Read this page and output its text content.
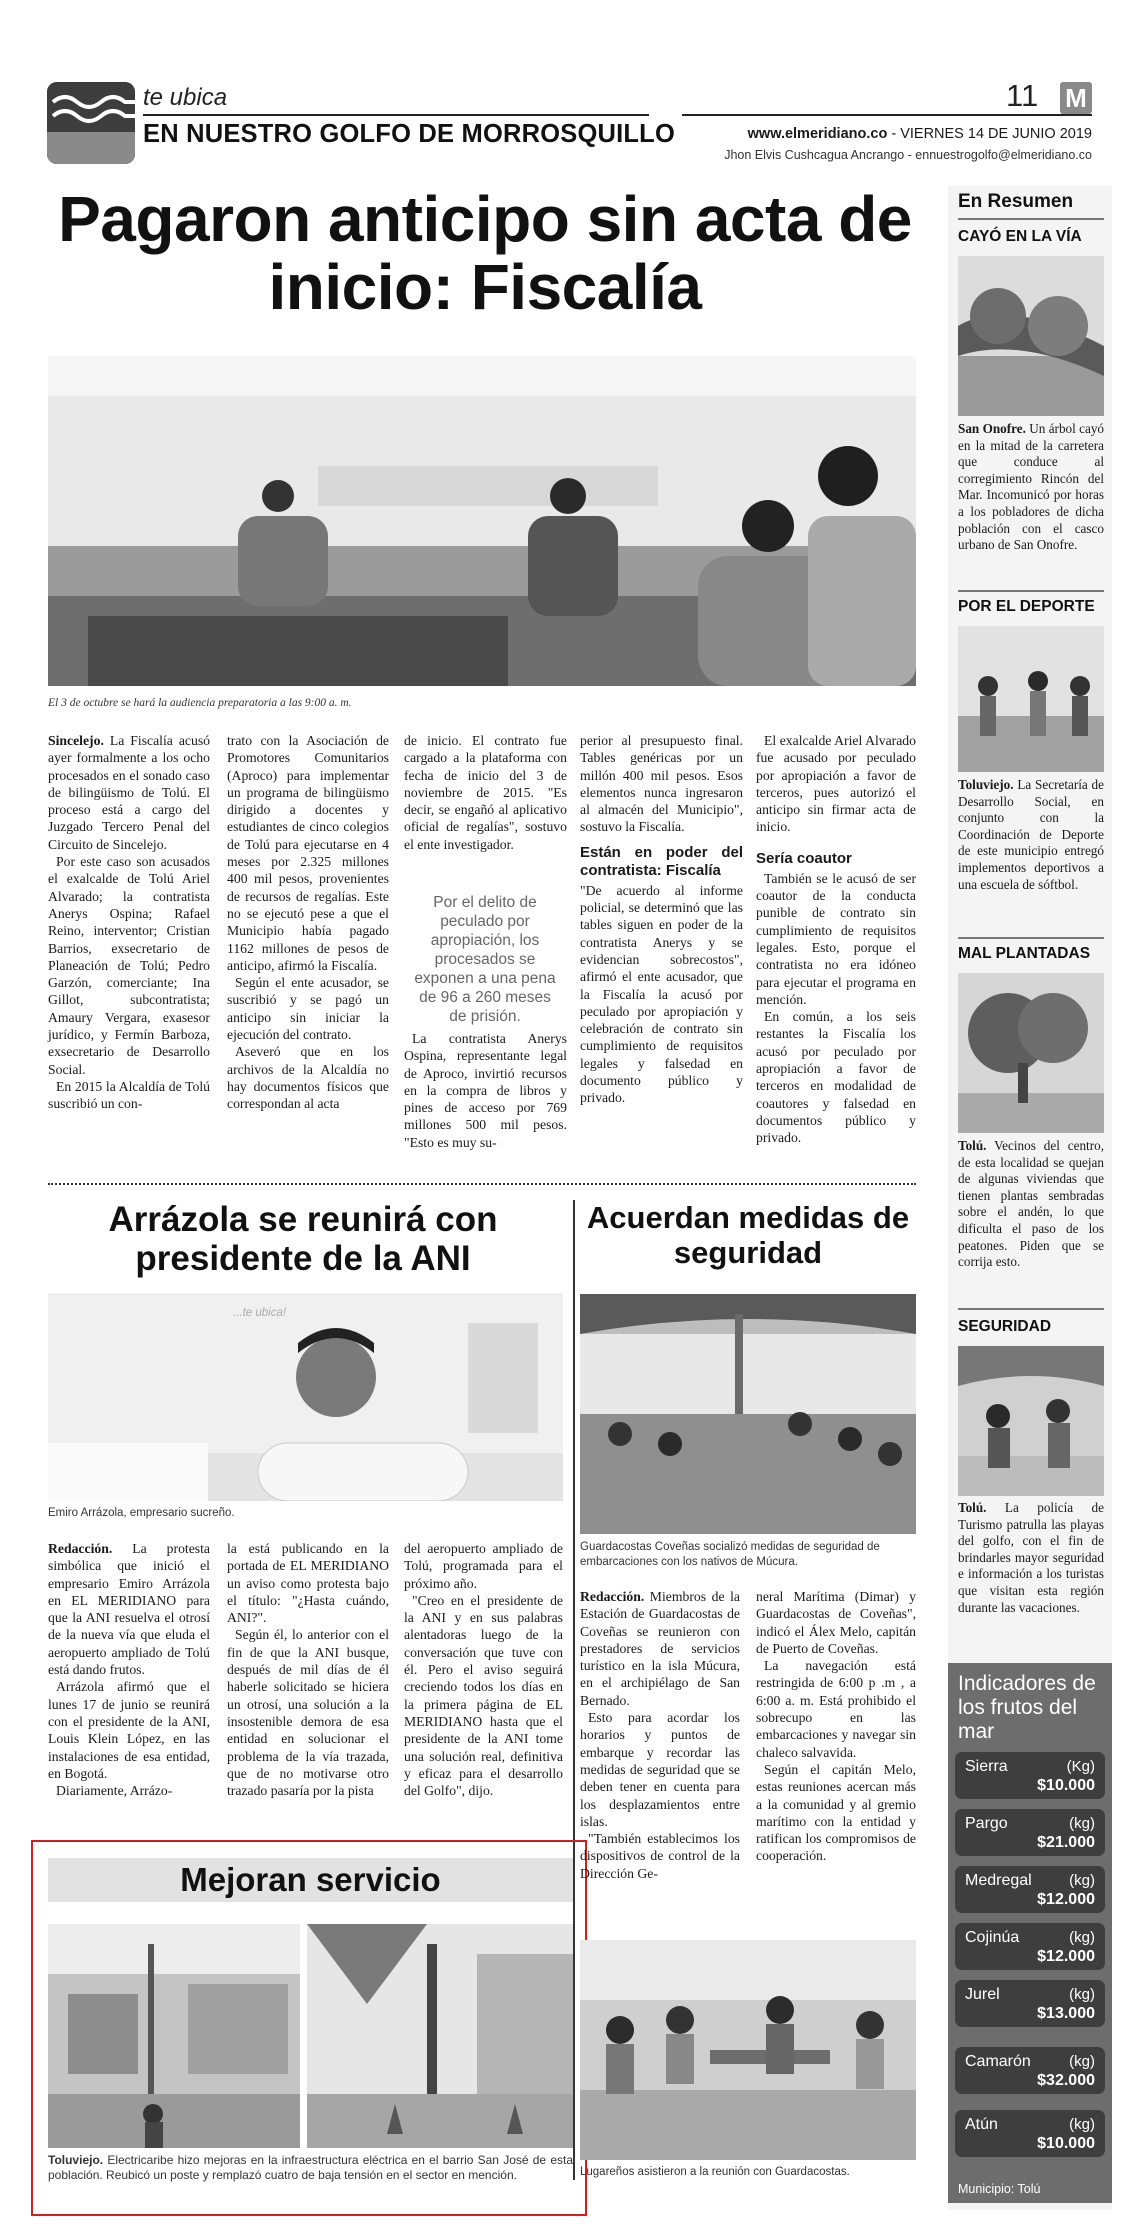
te ubica
EN NUESTRO GOLFO DE MORROSQUILLO
11 M
www.elmeridiano.co - VIERNES 14 DE JUNIO 2019
Jhon Elvis Cushcagua Ancrango - ennuestrogolfo@elmeridiano.co
Pagaron anticipo sin acta de inicio: Fiscalía
El 3 de octubre se hará la audiencia preparatoria a las 9:00 a. m.

Sincelejo. La Fiscalía acusó ayer formalmente a los ocho procesados en el sonado caso de bilingüismo de Tolú. El proceso está a cargo del Juzgado Tercero Penal del Circuito de Sincelejo.

Por este caso son acusados el exalcalde de Tolú Ariel Alvarado; la contratista Anerys Ospina; Rafael Reino, interventor; Cristian Barrios, exsecretario de Planeación de Tolú; Pedro Garzón, comerciante; Ina Gillot, subcontratista; Amaury Vergara, exasesor jurídico, y Fermín Barboza, exsecretario de Desarrollo Social.

En 2015 la Alcaldía de Tolú suscribió un con-

trato con la Asociación de Promotores Comunitarios (Aproco) para implementar un programa de bilingüismo dirigido a docentes y estudiantes de cinco colegios de Tolú para ejecutarse en 4 meses por 2.325 millones 400 mil pesos, provenientes de recursos de regalías. Este no se ejecutó pese a que el Municipio había pagado 1162 millones de pesos de anticipo, afirmó la Fiscalía.

Según el ente acusador, se suscribió y se pagó un anticipo sin iniciar la ejecución del contrato.

Aseveró que en los archivos de la Alcaldía no hay documentos físicos que correspondan al acta

de inicio. El contrato fue cargado a la plataforma con fecha de inicio del 3 de noviembre de 2015. "Es decir, se engañó al aplicativo oficial de regalías", sostuvo el ente investigador.

Por el delito de peculado por apropiación, los procesados se exponen a una pena de 96 a 260 meses de prisión.

La contratista Anerys Ospina, representante legal de Aproco, invirtió recursos en la compra de libros y pines de acceso por 769 millones 500 mil pesos. "Esto es muy su-

perior al presupuesto final. Tables genéricas por un millón 400 mil pesos. Esos elementos nunca ingresaron al almacén del Municipio", sostuvo la Fiscalía.

Están en poder del contratista: Fiscalía

"De acuerdo al informe policial, se determinó que las tables siguen en poder de la contratista Anerys y se evidencian sobrecostos", afirmó el ente acusador, que la Fiscalía la acusó por peculado por apropiación y celebración de contrato sin cumplimiento de requisitos legales y falsedad en documento público y privado.

El exalcalde Ariel Alvarado fue acusado por peculado por apropiación a favor de terceros, pues autorizó el anticipo sin firmar acta de inicio.

Sería coautor

También se le acusó de ser coautor de la conducta punible de contrato sin cumplimiento de requisitos legales. Esto, porque el contratista no era idóneo para ejecutar el programa en mención.

En común, a los seis restantes la Fiscalía los acusó por peculado por apropiación a favor de terceros en modalidad de coautores y falsedad en documentos público y privado.

Arrázola se reunirá con presidente de la ANI
...te ubica!
Emiro Arrázola, empresario sucreño.

Redacción. La protesta simbólica que inició el empresario Emiro Arrázola en EL MERIDIANO para que la ANI resuelva el otrosí de la nueva vía que eluda el aeropuerto ampliado de Tolú está dando frutos.

Arrázola afirmó que el lunes 17 de junio se reunirá con el presidente de la ANI, Louis Klein López, en las instalaciones de esa entidad, en Bogotá.

Diariamente, Arrázo-

la está publicando en la portada de EL MERIDIANO un aviso como protesta bajo el título: "¿Hasta cuándo, ANI?".

Según él, lo anterior con el fin de que la ANI busque, después de mil días de él haberle solicitado se hiciera un otrosí, una solución a la insostenible demora de esa entidad en solucionar el problema de la vía trazada, que de no motivarse otro trazado pasaría por la pista

del aeropuerto ampliado de Tolú, programada para el próximo año.

"Creo en el presidente de la ANI y en sus palabras alentadoras luego de la conversación que tuve con él. Pero el aviso seguirá creciendo todos los días en la primera página de EL MERIDIANO hasta que el presidente de la ANI tome una solución real, definitiva y eficaz para el desarrollo del Golfo", dijo.

Mejoran servicio
Toluviejo. Electricaribe hizo mejoras en la infraestructura eléctrica en el barrio San José de esta población. Reubicó un poste y remplazó cuatro de baja tensión en el sector en mención.
Acuerdan medidas de seguridad
Guardacostas Coveñas socializó medidas de seguridad de embarcaciones con los nativos de Múcura.

Redacción. Miembros de la Estación de Guardacostas de Coveñas se reunieron con prestadores de servicios turístico en la isla Múcura, en el archipiélago de San Bernado.

Esto para acordar los horarios y puntos de embarque y recordar las medidas de seguridad que se deben tener en cuenta para los desplazamientos entre islas.

"También establecimos los dispositivos de control de la Dirección Ge-

neral Marítima (Dimar) y Guardacostas de Coveñas", indicó el Álex Melo, capitán de Puerto de Coveñas.

La navegación está restringida de 6:00 p .m , a 6:00 a. m. Está prohibido el sobrecupo en las embarcaciones y navegar sin chaleco salvavida.

Según el capitán Melo, estas reuniones acercan más a la comunidad y al gremio marítimo con la entidad y ratifican los compromisos de cooperación.

Lugareños asistieron a la reunión con Guardacostas.
En Resumen
CAYÓ EN LA VÍA
San Onofre. Un árbol cayó en la mitad de la carretera que conduce al corregimiento Rincón del Mar. Incomunicó por horas a los pobladores de dicha población con el casco urbano de San Onofre.
POR EL DEPORTE
Toluviejo. La Secretaría de Desarrollo Social, en conjunto con la Coordinación de Deporte de este municipio entregó implementos deportivos a una escuela de sóftbol.
MAL PLANTADAS
Tolú. Vecinos del centro, de esta localidad se quejan de algunas viviendas que tienen plantas sembradas sobre el andén, lo que dificulta el paso de los peatones. Piden que se corrija esto.
SEGURIDAD
Tolú. La policía de Turismo patrulla las playas del golfo, con el fin de brindarles mayor seguridad e información a los turistas que visitan esta región durante las vacaciones.
Indicadores de los frutos del mar
Sierra	(Kg)
$10.000
Pargo	(kg)
$21.000
Medregal (kg)
$12.000
Cojinúa	(kg)
$12.000
Jurel	(kg)
$13.000
Camarón	(kg)
$32.000
Atún	(kg)
$10.000
Municipio: Tolú
